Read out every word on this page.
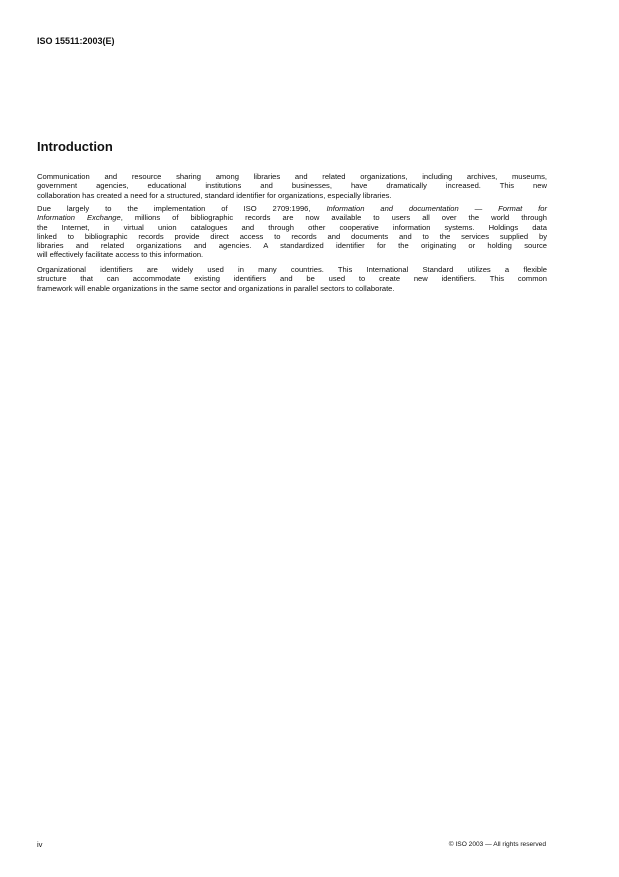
ISO 15511:2003(E)
Introduction
Communication and resource sharing among libraries and related organizations, including archives, museums,
government agencies, educational institutions and businesses, have dramatically increased. This new
collaboration has created a need for a structured, standard identifier for organizations, especially libraries.
Due largely to the implementation of ISO 2709:1996, Information and documentation — Format for
Information Exchange, millions of bibliographic records are now available to users all over the world through
the Internet, in virtual union catalogues and through other cooperative information systems. Holdings data
linked to bibliographic records provide direct access to records and documents and to the services supplied by
libraries and related organizations and agencies. A standardized identifier for the originating or holding source
will effectively facilitate access to this information.
Organizational identifiers are widely used in many countries. This International Standard utilizes a flexible
structure that can accommodate existing identifiers and be used to create new identifiers. This common
framework will enable organizations in the same sector and organizations in parallel sectors to collaborate.
iv	© ISO 2003 — All rights reserved
